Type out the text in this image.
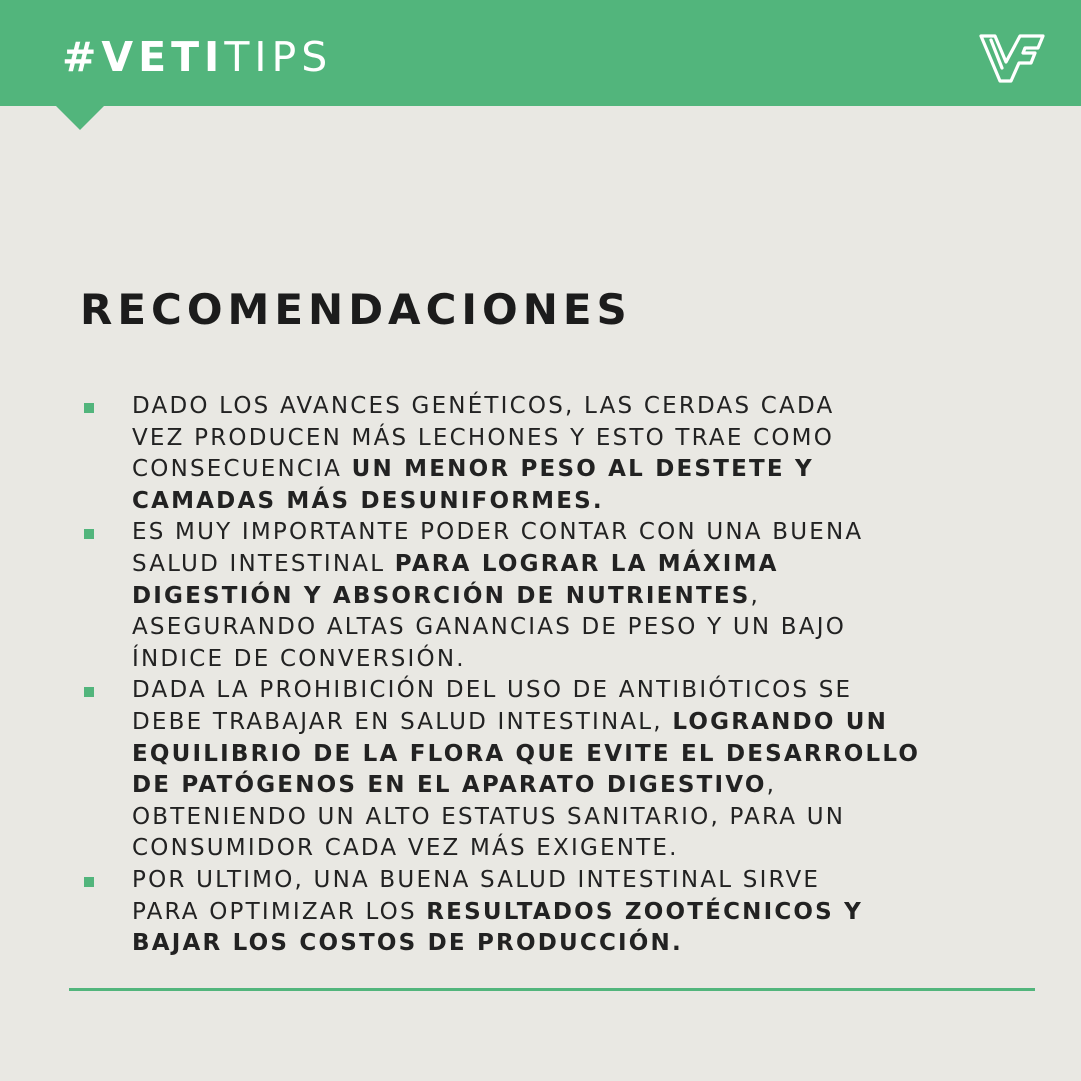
#VETITIPS
RECOMENDACIONES
DADO LOS AVANCES GENÉTICOS, LAS CERDAS CADA
VEZ PRODUCEN MÁS LECHONES Y ESTO TRAE COMO
CONSECUENCIA UN MENOR PESO AL DESTETE Y
CAMADAS MÁS DESUNIFORMES.
ES MUY IMPORTANTE PODER CONTAR CON UNA BUENA
SALUD INTESTINAL PARA LOGRAR LA MÁXIMA
DIGESTIÓN Y ABSORCIÓN DE NUTRIENTES,
ASEGURANDO ALTAS GANANCIAS DE PESO Y UN BAJO
ÍNDICE DE CONVERSIÓN.
DADA LA PROHIBICIÓN DEL USO DE ANTIBIÓTICOS SE
DEBE TRABAJAR EN SALUD INTESTINAL, LOGRANDO UN
EQUILIBRIO DE LA FLORA QUE EVITE EL DESARROLLO
DE PATÓGENOS EN EL APARATO DIGESTIVO,
OBTENIENDO UN ALTO ESTATUS SANITARIO, PARA UN
CONSUMIDOR CADA VEZ MÁS EXIGENTE.
POR ULTIMO, UNA BUENA SALUD INTESTINAL SIRVE
PARA OPTIMIZAR LOS RESULTADOS ZOOTÉCNICOS Y
BAJAR LOS COSTOS DE PRODUCCIÓN.
